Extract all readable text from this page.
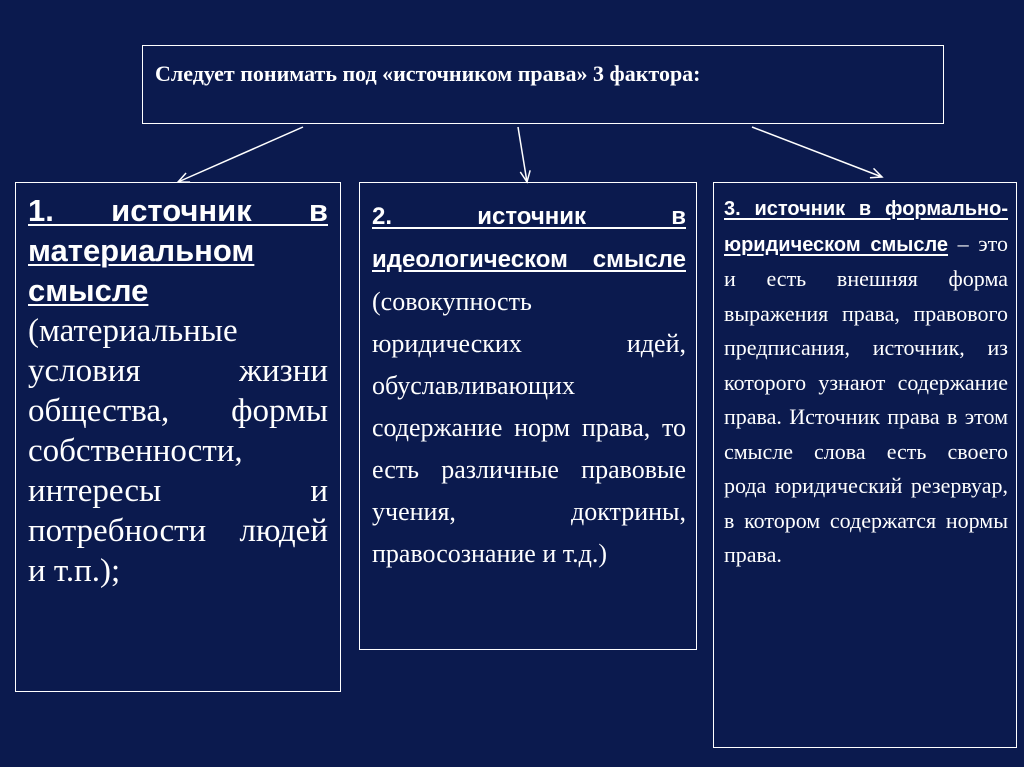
Следует понимать под «источником права» 3 фактора:
1. источник в материальном смысле (материальные условия жизни общества, формы собственности, интересы и потребности людей и т.п.);
2. источник в идеологическом смысле (совокупность юридических идей, обуславливающих содержание норм права, то есть различные правовые учения, доктрины, правосознание и т.д.)
3. источник в формально-юридическом смысле – это и есть внешняя форма выражения права, правового предписания, источник, из которого узнают содержание права. Источник права в этом смысле слова есть своего рода юридический резервуар, в котором содержатся нормы права.
